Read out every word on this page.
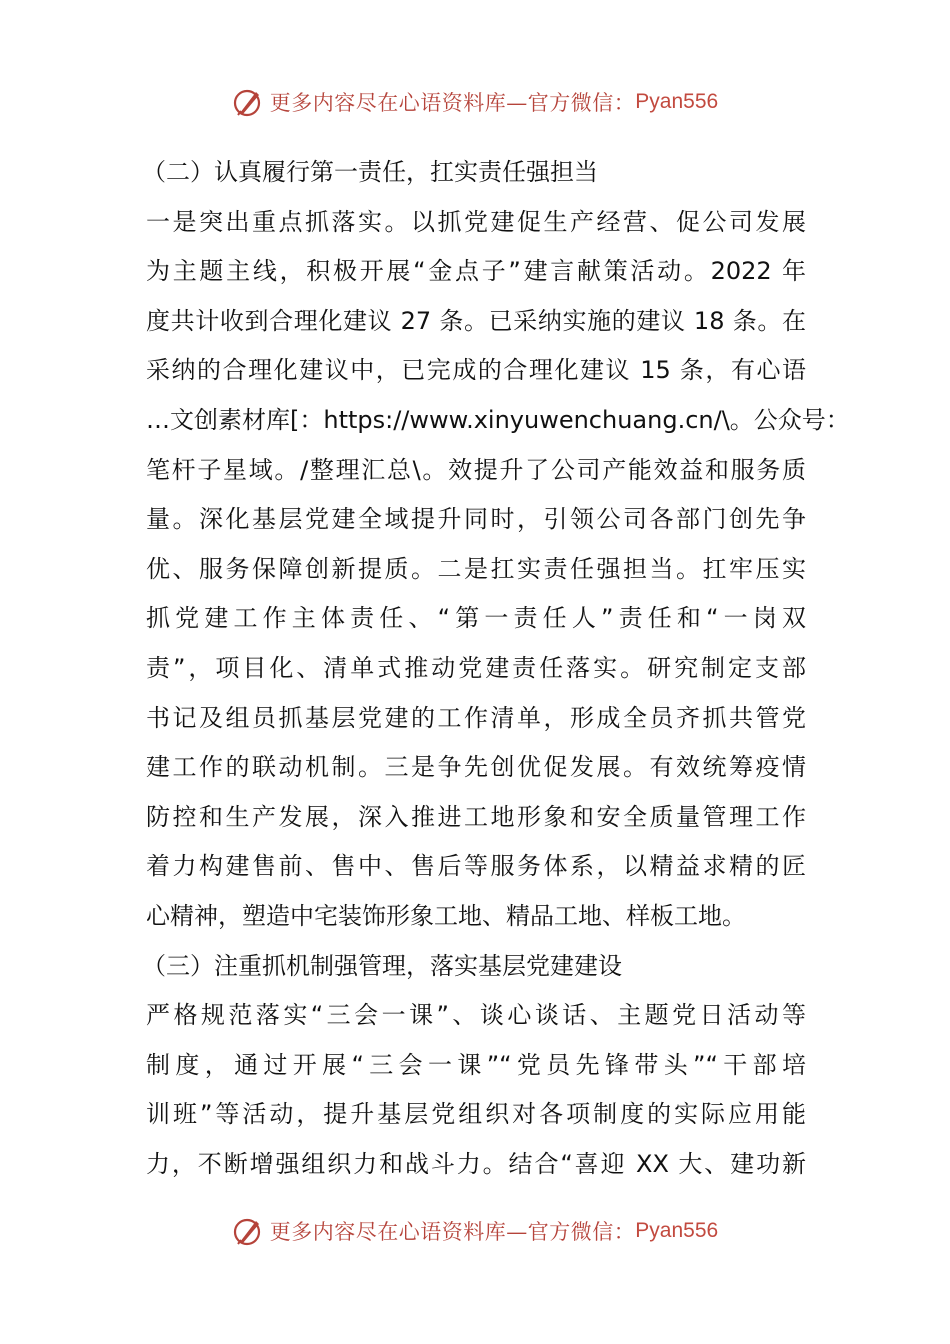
更多内容尽在心语资料库—官方微信： Pyan556
（二）认真履行第一责任，扛实责任强担当
一是突出重点抓落实。以抓党建促生产经营、促公司发展
为主题主线，积极开展“金点子”建言献策活动。2022 年
度共计收到合理化建议 27 条。已采纳实施的建议 18 条。在
采纳的合理化建议中，已完成的合理化建议 15 条，有心语
…文创素材库[：https://www.xinyuwenchuang.cn/\。公众号：
笔杆子星域。/整理汇总\。效提升了公司产能效益和服务质
量。深化基层党建全域提升同时，引领公司各部门创先争
优、服务保障创新提质。二是扛实责任强担当。扛牢压实
抓党建工作主体责任、“第一责任人”责任和“一岗双
责”，项目化、清单式推动党建责任落实。研究制定支部
书记及组员抓基层党建的工作清单，形成全员齐抓共管党
建工作的联动机制。三是争先创优促发展。有效统筹疫情
防控和生产发展，深入推进工地形象和安全质量管理工作
着力构建售前、售中、售后等服务体系，以精益求精的匠
心精神，塑造中宅装饰形象工地、精品工地、样板工地。
（三）注重抓机制强管理，落实基层党建建设
严格规范落实“三会一课”、谈心谈话、主题党日活动等
制度，通过开展“三会一课”“党员先锋带头”“干部培
训班”等活动，提升基层党组织对各项制度的实际应用能
力，不断增强组织力和战斗力。结合“喜迎 XX 大、建功新
更多内容尽在心语资料库—官方微信： Pyan556
